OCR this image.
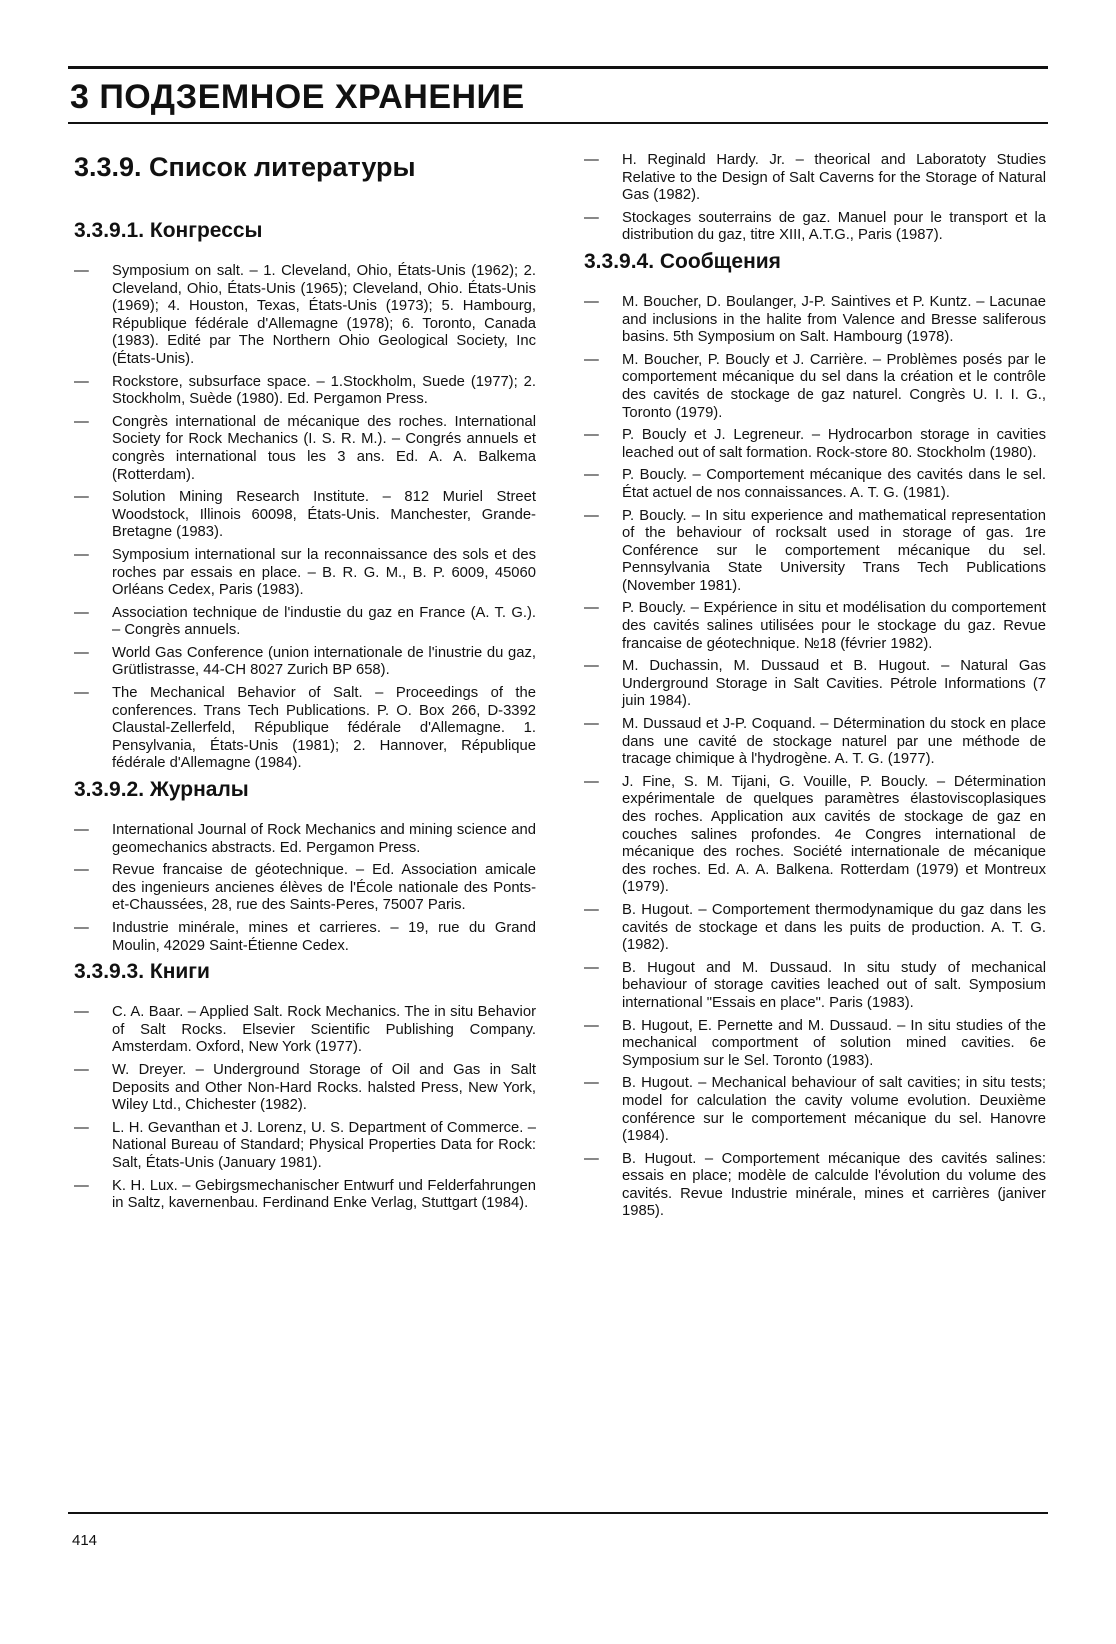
3 ПОДЗЕМНОЕ ХРАНЕНИЕ
3.3.9. Список литературы
3.3.9.1. Конгрессы
— Symposium on salt. – 1. Cleveland, Ohio, États-Unis (1962); 2. Cleveland, Ohio, États-Unis (1965); Cleveland, Ohio. États-Unis (1969); 4. Houston, Texas, États-Unis (1973); 5. Hambourg, République fédérale d'Allemagne (1978); 6. Toronto, Canada (1983). Edité par The Northern Ohio Geological Society, Inc (États-Unis).
— Rockstore, subsurface space. – 1.Stockholm, Suede (1977); 2. Stockholm, Suède (1980). Ed. Pergamon Press.
— Congrès international de mécanique des roches. International Society for Rock Mechanics (I. S. R. M.). – Congrés annuels et congrès international tous les 3 ans. Ed. A. A. Balkema (Rotterdam).
— Solution Mining Research Institute. – 812 Muriel Street Woodstock, Illinois 60098, États-Unis. Manchester, Grande-Bretagne (1983).
— Symposium international sur la reconnaissance des sols et des roches par essais en place. – B. R. G. M., B. P. 6009, 45060 Orléans Cedex, Paris (1983).
— Association technique de l'industie du gaz en France (A. T. G.). – Congrès annuels.
— World Gas Conference (union internationale de l'inustrie du gaz, Grütlistrasse, 44-CH 8027 Zurich BP 658).
— The Mechanical Behavior of Salt. – Proceedings of the conferences. Trans Tech Publications. P. O. Box 266, D-3392 Claustal-Zellerfeld, République fédérale d'Allemagne. 1. Pensylvania, États-Unis (1981); 2. Hannover, République fédérale d'Allemagne (1984).
3.3.9.2. Журналы
— International Journal of Rock Mechanics and mining science and geomechanics abstracts. Ed. Pergamon Press.
— Revue francaise de géotechnique. – Ed. Association amicale des ingenieurs ancienes élèves de l'École nationale des Ponts-et-Chaussées, 28, rue des Saints-Peres, 75007 Paris.
— Industrie minérale, mines et carrieres. – 19, rue du Grand Moulin, 42029 Saint-Étienne Cedex.
3.3.9.3. Книги
— C. A. Baar. – Applied Salt. Rock Mechanics. The in situ Behavior of Salt Rocks. Elsevier Scientific Publishing Company. Amsterdam. Oxford, New York (1977).
— W. Dreyer. – Underground Storage of Oil and Gas in Salt Deposits and Other Non-Hard Rocks. halsted Press, New York, Wiley Ltd., Chichester (1982).
— L. H. Gevanthan et J. Lorenz, U. S. Department of Commerce. – National Bureau of Standard; Physical Properties Data for Rock: Salt, États-Unis (January 1981).
— K. H. Lux. – Gebirgsmechanischer Entwurf und Felderfahrungen in Saltz, kavernenbau. Ferdinand Enke Verlag, Stuttgart (1984).
— H. Reginald Hardy. Jr. – theorical and Laboratoty Studies Relative to the Design of Salt Caverns for the Storage of Natural Gas (1982).
— Stockages souterrains de gaz. Manuel pour le transport et la distribution du gaz, titre XIII, A.T.G., Paris (1987).
3.3.9.4. Сообщения
— M. Boucher, D. Boulanger, J-P. Saintives et P. Kuntz. – Lacunae and inclusions in the halite from Valence and Bresse saliferous basins. 5th Symposium on Salt. Hambourg (1978).
— M. Boucher, P. Boucly et J. Carrière. – Problèmes posés par le comportement mécanique du sel dans la création et le contrôle des cavités de stockage de gaz naturel. Congrès U. I. I. G., Toronto (1979).
— P. Boucly et J. Legreneur. – Hydrocarbon storage in cavities leached out of salt formation. Rock-store 80. Stockholm (1980).
— P. Boucly. – Comportement mécanique des cavités dans le sel. État actuel de nos connaissances. A. T. G. (1981).
— P. Boucly. – In situ experience and mathematical representation of the behaviour of rocksalt used in storage of gas. 1re Conférence sur le comportement mécanique du sel. Pennsylvania State University Trans Tech Publications (November 1981).
— P. Boucly. – Expérience in situ et modélisation du comportement des cavités salines utilisées pour le stockage du gaz. Revue francaise de géotechnique. №18 (février 1982).
— M. Duchassin, M. Dussaud et B. Hugout. – Natural Gas Underground Storage in Salt Cavities. Pétrole Informations (7 juin 1984).
— M. Dussaud et J-P. Coquand. – Détermination du stock en place dans une cavité de stockage naturel par une méthode de tracage chimique à l'hydrogène. A. T. G. (1977).
— J. Fine, S. M. Tijani, G. Vouille, P. Boucly. – Détermination expérimentale de quelques paramètres élastoviscoplasiques des roches. Application aux cavités de stockage de gaz en couches salines profondes. 4e Congres international de mécanique des roches. Société internationale de mécanique des roches. Ed. A. A. Balkena. Rotterdam (1979) et Montreux (1979).
— B. Hugout. – Comportement thermodynamique du gaz dans les cavités de stockage et dans les puits de production. A. T. G. (1982).
— B. Hugout and M. Dussaud. In situ study of mechanical behaviour of storage cavities leached out of salt. Symposium international "Essais en place". Paris (1983).
— B. Hugout, E. Pernette and M. Dussaud. – In situ studies of the mechanical comportment of solution mined cavities. 6e Symposium sur le Sel. Toronto (1983).
— B. Hugout. – Mechanical behaviour of salt cavities; in situ tests; model for calculation the cavity volume evolution. Deuxième conférence sur le comportement mécanique du sel. Hanovre (1984).
— B. Hugout. – Comportement mécanique des cavités salines: essais en place; modèle de calculde l'évolution du volume des cavités. Revue Industrie minérale, mines et carrières (janiver 1985).

414
